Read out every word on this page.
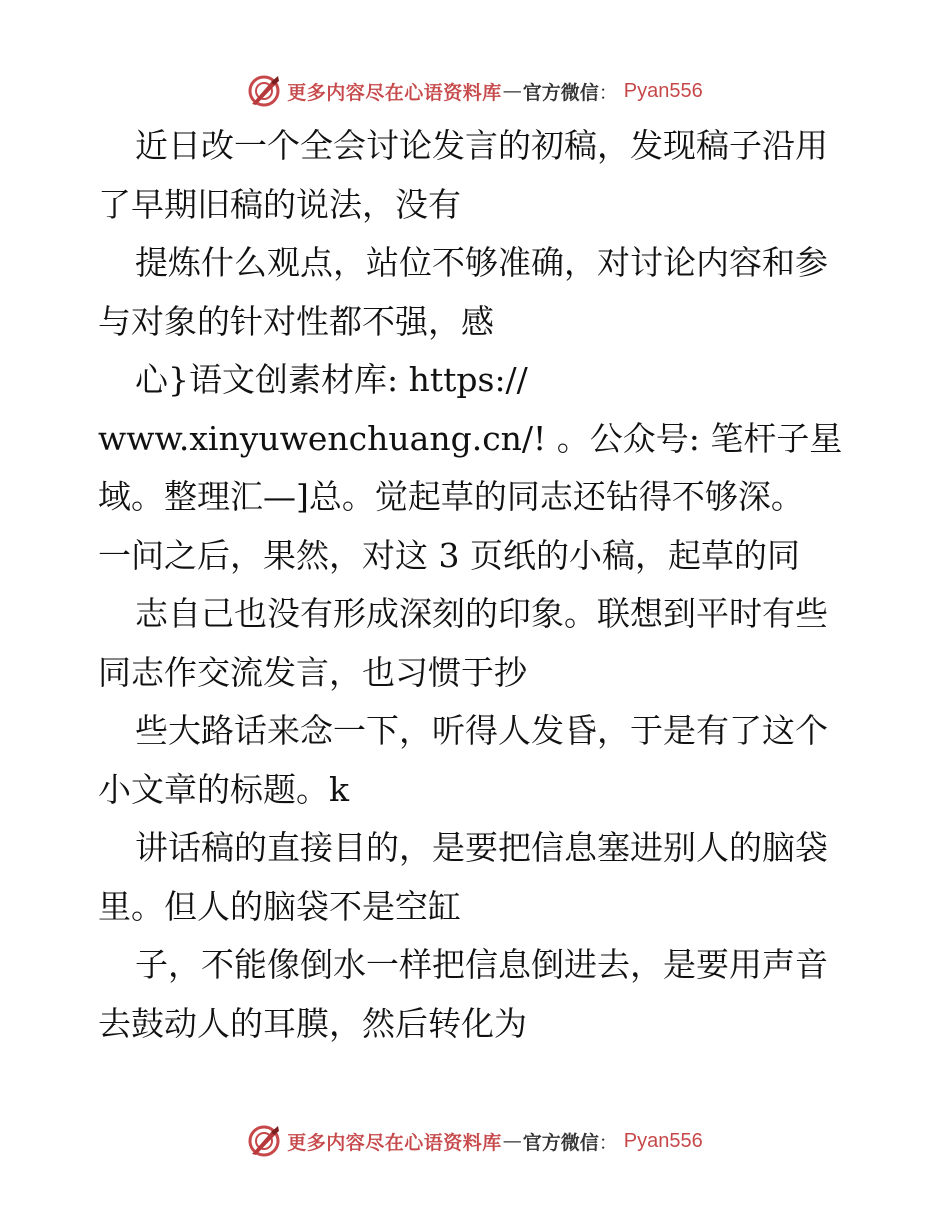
更多内容尽在心语资料库 — 官方微信 ： Pyan556
近日改一个全会讨论发言的初稿，发现稿子沿用
了早期旧稿的说法，没有
提炼什么观点，站位不够准确，对讨论内容和参
与对象的针对性都不强，感
心}语文创素材库: https://
www.xinyuwenchuang.cn/! 。公众号: 笔杆子星
域。整理汇—]总。觉起草的同志还钻得不够深。
一问之后，果然，对这 3 页纸的小稿，起草的同
志自己也没有形成深刻的印象。联想到平时有些
同志作交流发言，也习惯于抄
些大路话来念一下，听得人发昏，于是有了这个
小文章的标题。k
讲话稿的直接目的，是要把信息塞进别人的脑袋
里。但人的脑袋不是空缸
子，不能像倒水一样把信息倒进去，是要用声音
去鼓动人的耳膜，然后转化为
更多内容尽在心语资料库 — 官方微信 ： Pyan556
